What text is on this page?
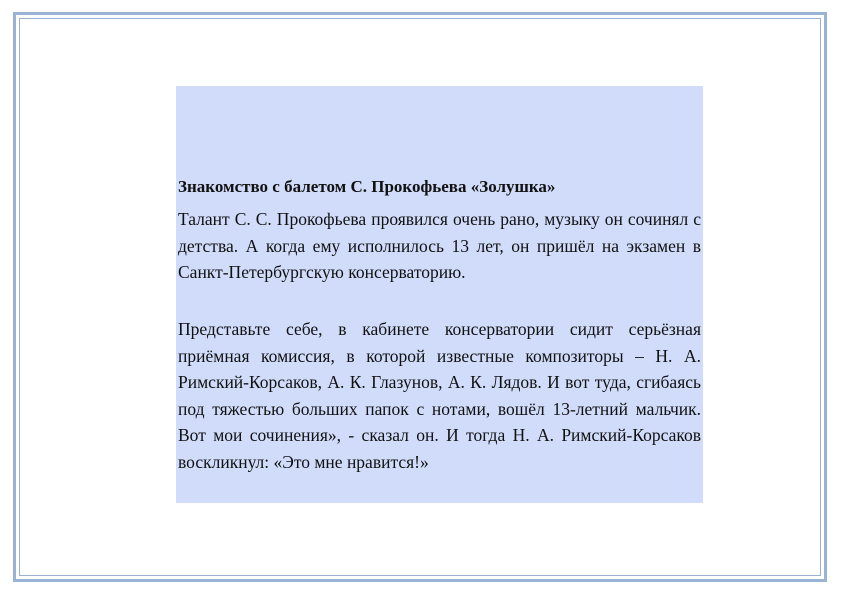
Знакомство с балетом С. Прокофьева «Золушка»

Талант С. С. Прокофьева проявился очень рано, музыку он сочинял с детства. А когда ему исполнилось 13 лет, он пришёл на экзамен в Санкт-Петербургскую консерваторию.

Представьте себе, в кабинете консерватории сидит серьёзная приёмная комиссия, в которой известные композиторы – Н. А. Римский-Корсаков, А. К. Глазунов, А. К. Лядов. И вот туда, сгибаясь под тяжестью больших папок с нотами, вошёл 13-летний мальчик. Вот мои сочинения», - сказал он. И тогда Н. А. Римский-Корсаков воскликнул: «Это мне нравится!»
